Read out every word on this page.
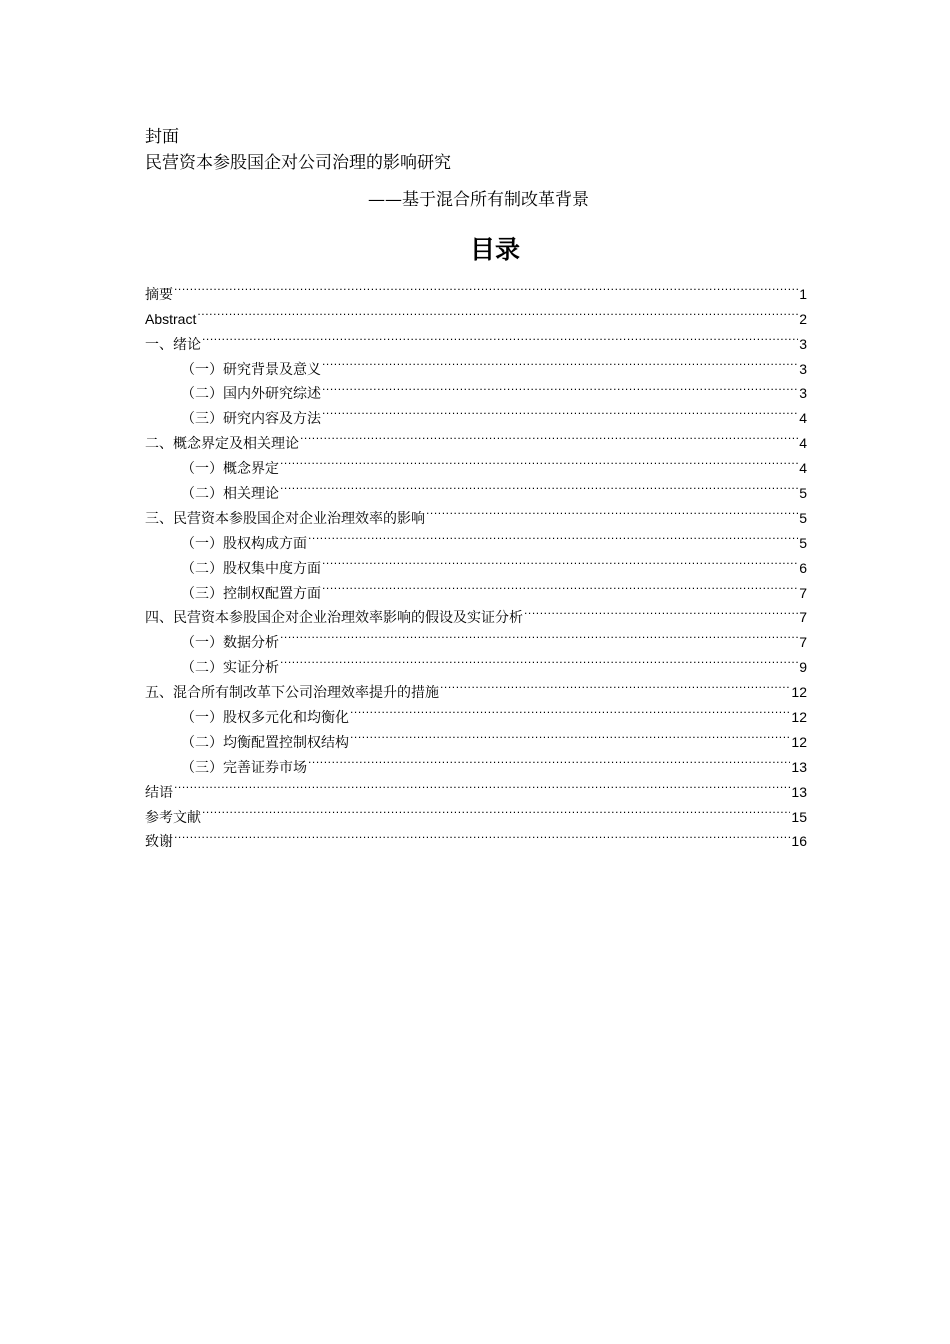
封面
民营资本参股国企对公司治理的影响研究
——基于混合所有制改革背景
目录
摘要 .....	1
Abstract .....	2
一、绪论 .....	3
（一）研究背景及意义 .....	3
（二）国内外研究综述 .....	3
（三）研究内容及方法 .....	4
二、概念界定及相关理论 .....	4
（一）概念界定 .....	4
（二）相关理论 .....	5
三、民营资本参股国企对企业治理效率的影响 .....	5
（一）股权构成方面 .....	5
（二）股权集中度方面 .....	6
（三）控制权配置方面 .....	7
四、民营资本参股国企对企业治理效率影响的假设及实证分析 .....	7
（一）数据分析 .....	7
（二）实证分析 .....	9
五、混合所有制改革下公司治理效率提升的措施 .....	12
（一）股权多元化和均衡化 .....	12
（二）均衡配置控制权结构 .....	12
（三）完善证券市场 .....	13
结语 .....	13
参考文献 .....	15
致谢 .....	16
